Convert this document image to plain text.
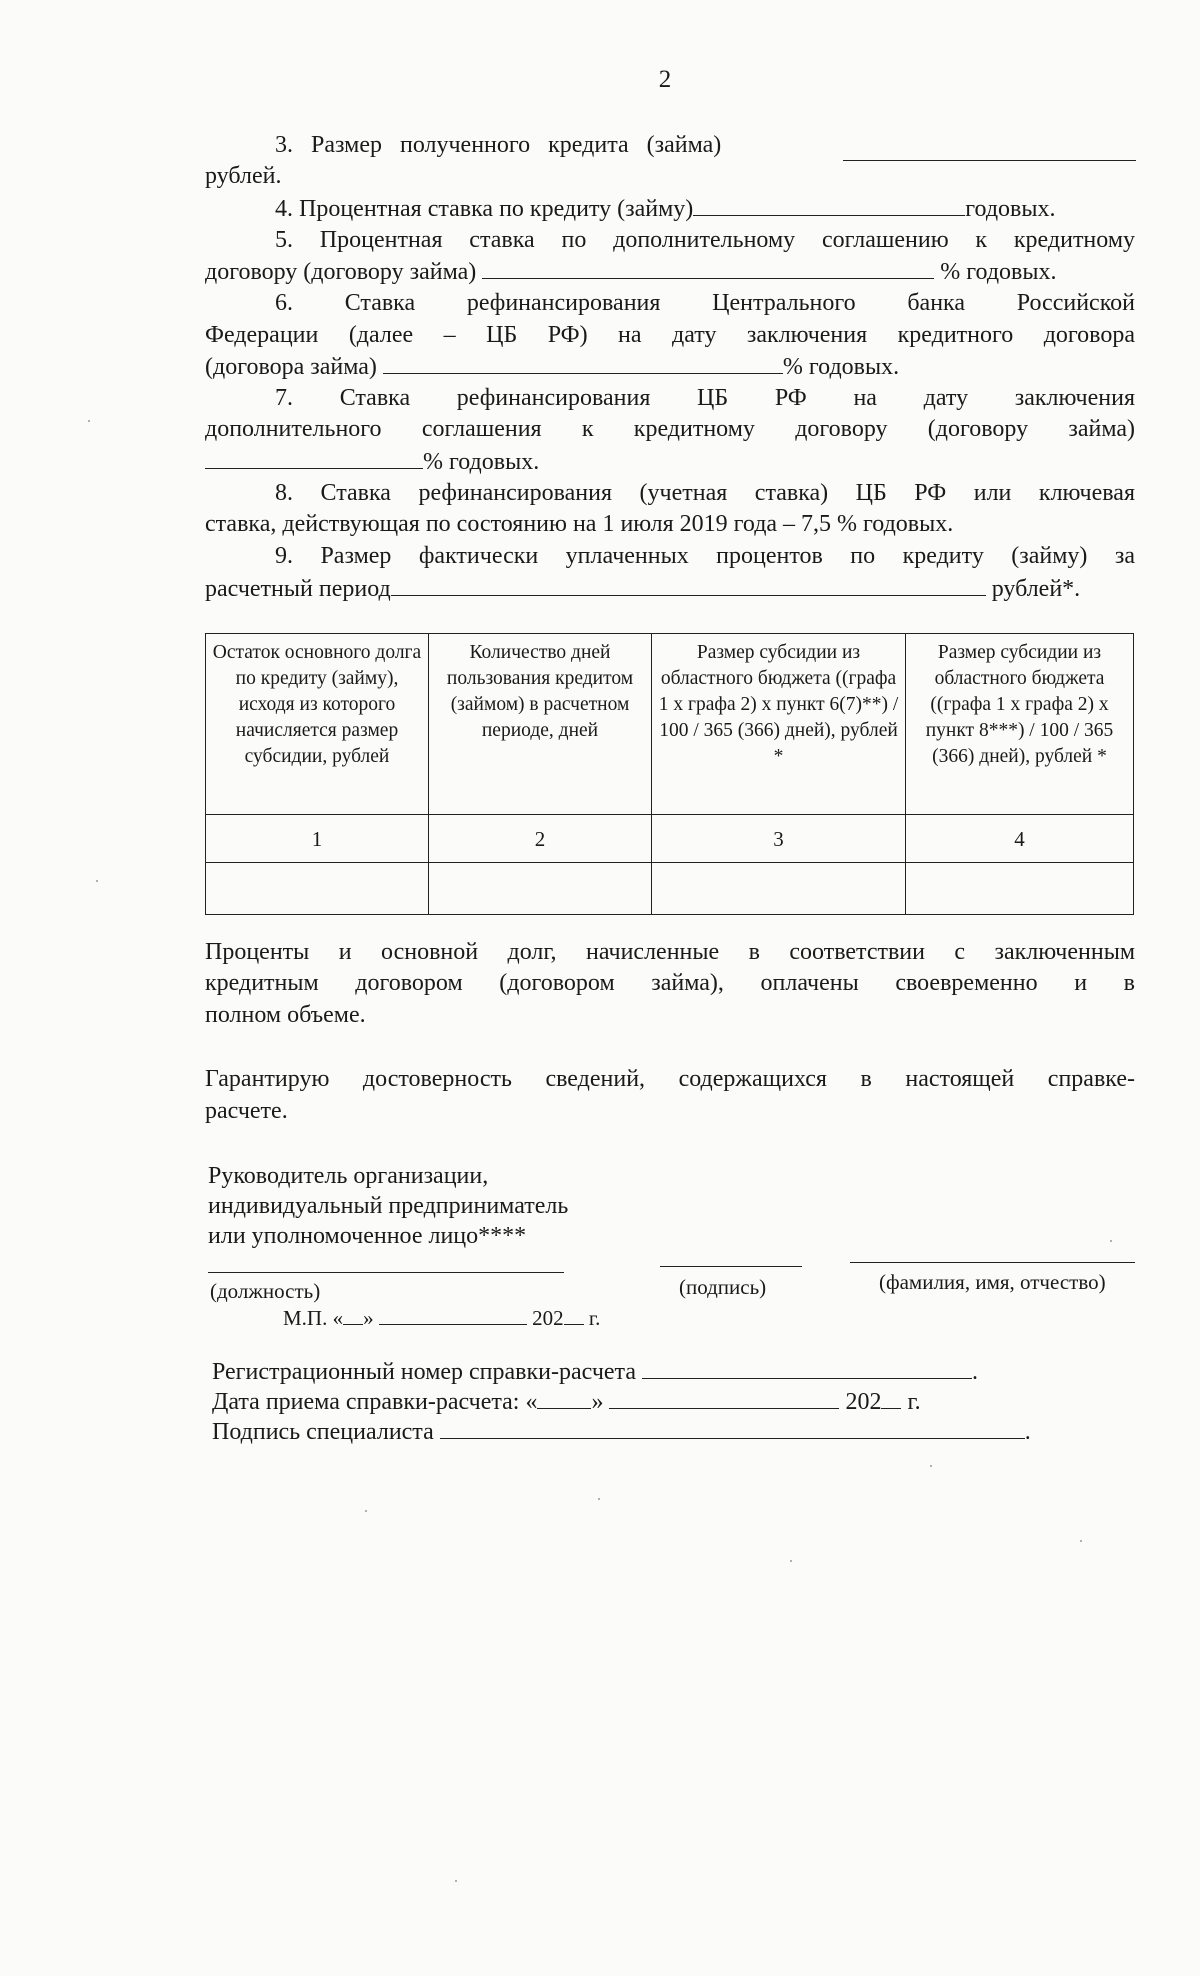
2
3. Размер полученного кредита (займа)
рублей.
4. Процентная ставка по кредиту (займу)	годовых.
5. Процентная ставка по дополнительному соглашению к кредитному
договору (договору займа)	% годовых.
6. Ставка рефинансирования Центрального банка Российской
Федерации (далее – ЦБ РФ) на дату заключения кредитного договора
(договора займа)	% годовых.
7. Ставка рефинансирования ЦБ РФ на дату заключения
дополнительного соглашения к кредитному договору (договору займа)
% годовых.
8. Ставка рефинансирования (учетная ставка) ЦБ РФ или ключевая
ставка, действующая по состоянию на 1 июля 2019 года – 7,5 % годовых.
9. Размер фактически уплаченных процентов по кредиту (займу) за
расчетный период	рублей*.
Остаток основного долга по кредиту (займу), исходя из которого начисляется размер субсидии, рублей	Количество дней пользования кредитом (займом) в расчетном периоде, дней	Размер субсидии из областного бюджета ((графа 1 x графа 2) x пункт 6(7)**) / 100 / 365 (366) дней), рублей *	Размер субсидии из областного бюджета ((графа 1 x графа 2) x пункт 8***) / 100 / 365 (366) дней), рублей *
1	2	3	4

Проценты и основной долг, начисленные в соответствии с заключенным
кредитным договором (договором займа), оплачены своевременно и в
полном объеме.
Гарантирую достоверность сведений, содержащихся в настоящей справке-
расчете.
Руководитель организации,
индивидуальный предприниматель
или уполномоченное лицо****
(должность)	(подпись)	(фамилия, имя, отчество)
М.П. « »	202 г.
Регистрационный номер справки-расчета	.
Дата приема справки-расчета: « »	202 г.
Подпись специалиста	.
